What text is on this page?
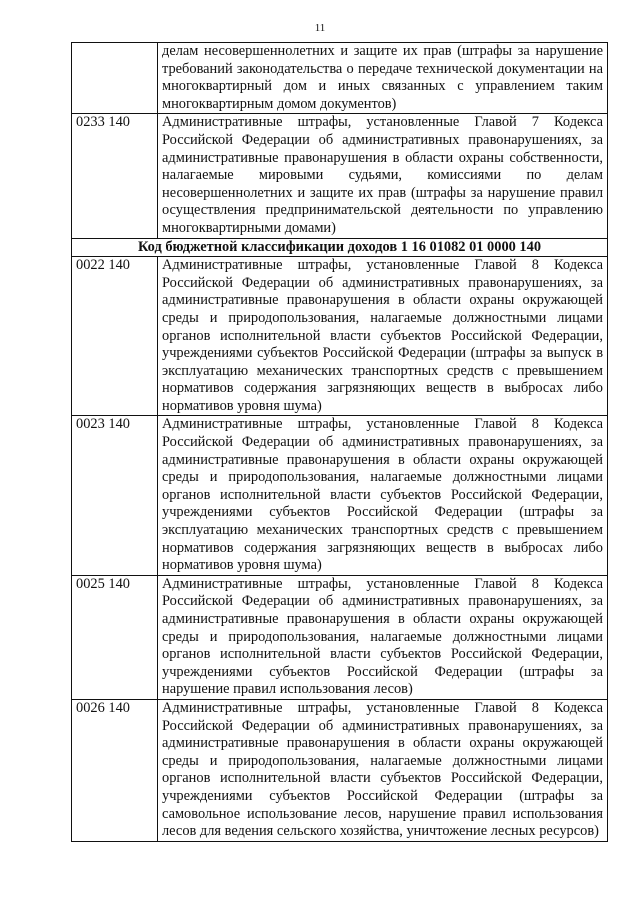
11
	делам несовершеннолетних и защите их прав (штрафы за нарушение требований законодательства о передаче технической документации на многоквартирный дом и иных связанных с управлением таким многоквартирным домом документов)
0233 140	Административные штрафы, установленные Главой 7 Кодекса Российской Федерации об административных правонарушениях, за административные правонарушения в области охраны собственности, налагаемые мировыми судьями, комиссиями по делам несовершеннолетних и защите их прав (штрафы за нарушение правил осуществления предпринимательской деятельности по управлению многоквартирными домами)
Код бюджетной классификации доходов 1 16 01082 01 0000 140	
0022 140	Административные штрафы, установленные Главой 8 Кодекса Российской Федерации об административных правонарушениях, за административные правонарушения в области охраны окружающей среды и природопользования, налагаемые должностными лицами органов исполнительной власти субъектов Российской Федерации, учреждениями субъектов Российской Федерации (штрафы за выпуск в эксплуатацию механических транспортных средств с превышением нормативов содержания загрязняющих веществ в выбросах либо нормативов уровня шума)
0023 140	Административные штрафы, установленные Главой 8 Кодекса Российской Федерации об административных правонарушениях, за административные правонарушения в области охраны окружающей среды и природопользования, налагаемые должностными лицами органов исполнительной власти субъектов Российской Федерации, учреждениями субъектов Российской Федерации (штрафы за эксплуатацию механических транспортных средств с превышением нормативов содержания загрязняющих веществ в выбросах либо нормативов уровня шума)
0025 140	Административные штрафы, установленные Главой 8 Кодекса Российской Федерации об административных правонарушениях, за административные правонарушения в области охраны окружающей среды и природопользования, налагаемые должностными лицами органов исполнительной власти субъектов Российской Федерации, учреждениями субъектов Российской Федерации (штрафы за нарушение правил использования лесов)
0026 140	Административные штрафы, установленные Главой 8 Кодекса Российской Федерации об административных правонарушениях, за административные правонарушения в области охраны окружающей среды и природопользования, налагаемые должностными лицами органов исполнительной власти субъектов Российской Федерации, учреждениями субъектов Российской Федерации (штрафы за самовольное использование лесов, нарушение правил использования лесов для ведения сельского хозяйства, уничтожение лесных ресурсов)
